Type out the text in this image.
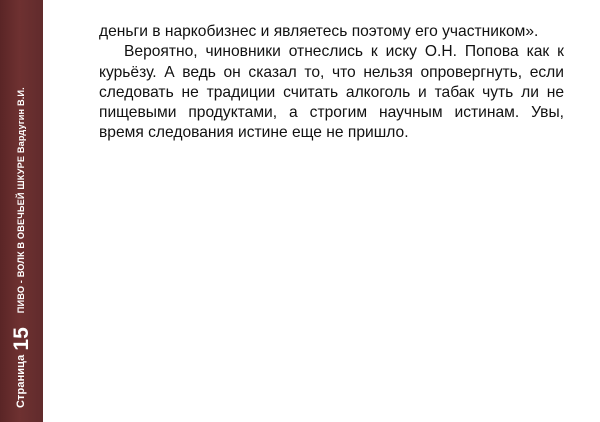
Страница
15
ПИВО - ВОЛК В ОВЕЧЬЕЙ ШКУРЕ Вардугин В.И.

деньги в наркобизнес и являетесь поэтому его участником».

Вероятно, чиновники отнеслись к иску О.Н. Попова как к курьёзу. А ведь он сказал то, что нельзя опровергнуть, если следовать не традиции считать алкоголь и табак чуть ли не пищевыми продуктами, а строгим научным истинам. Увы, время следования истине еще не пришло.
